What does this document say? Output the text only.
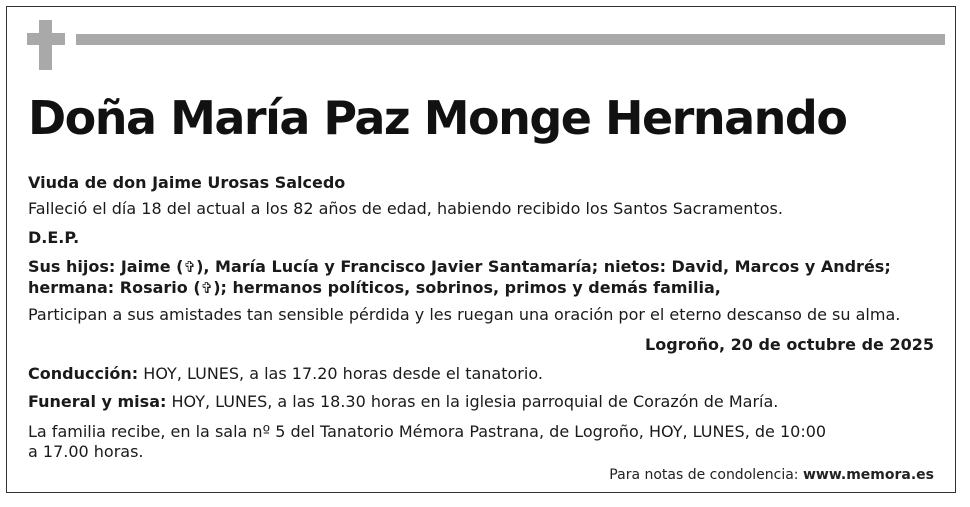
Doña María Paz Monge Hernando
Viuda de don Jaime Urosas Salcedo
Falleció el día 18 del actual a los 82 años de edad, habiendo recibido los Santos Sacramentos.
D.E.P.
Sus hijos: Jaime (✞), María Lucía y Francisco Javier Santamaría; nietos: David, Marcos y Andrés;
hermana: Rosario (✞); hermanos políticos, sobrinos, primos y demás familia,
Participan a sus amistades tan sensible pérdida y les ruegan una oración por el eterno descanso de su alma.
Logroño, 20 de octubre de 2025
Conducción: HOY, LUNES, a las 17.20 horas desde el tanatorio.
Funeral y misa: HOY, LUNES, a las 18.30 horas en la iglesia parroquial de Corazón de María.
La familia recibe, en la sala nº 5 del Tanatorio Mémora Pastrana, de Logroño, HOY, LUNES, de 10:00
a 17.00 horas.
Para notas de condolencia: www.memora.es
